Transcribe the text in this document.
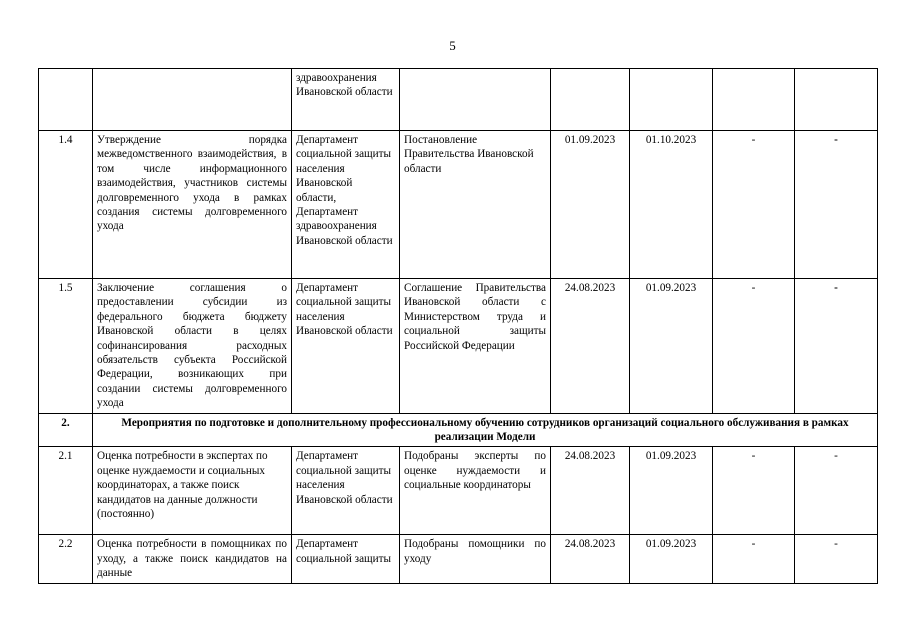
5
		здравоохранения Ивановской области					
1.4	Утверждение порядка межведомственного взаимодействия, в том числе информационного взаимодействия, участников системы долговременного ухода в рамках создания системы долговременного ухода	Департамент социальной защиты населения Ивановской области, Департамент здравоохранения Ивановской области	Постановление Правительства Ивановской области	01.09.2023	01.10.2023	-	-
1.5	Заключение соглашения о предоставлении субсидии из федерального бюджета бюджету Ивановской области в целях софинансирования расходных обязательств субъекта Российской Федерации, возникающих при создании системы долговременного ухода	Департамент социальной защиты населения Ивановской области	Соглашение Правительства Ивановской области с Министерством труда и социальной защиты Российской Федерации	24.08.2023	01.09.2023	-	-
2.	Мероприятия по подготовке и дополнительному профессиональному обучению сотрудников организаций социального обслуживания в рамках реализации Модели						
2.1	Оценка потребности в экспертах по оценке нуждаемости и социальных координаторах, а также поиск кандидатов на данные должности (постоянно)	Департамент социальной защиты населения Ивановской области	Подобраны эксперты по оценке нуждаемости и социальные координаторы	24.08.2023	01.09.2023	-	-
2.2	Оценка потребности в помощниках по уходу, а также поиск кандидатов на данные	Департамент социальной защиты	Подобраны помощники по уходу	24.08.2023	01.09.2023	-	-
